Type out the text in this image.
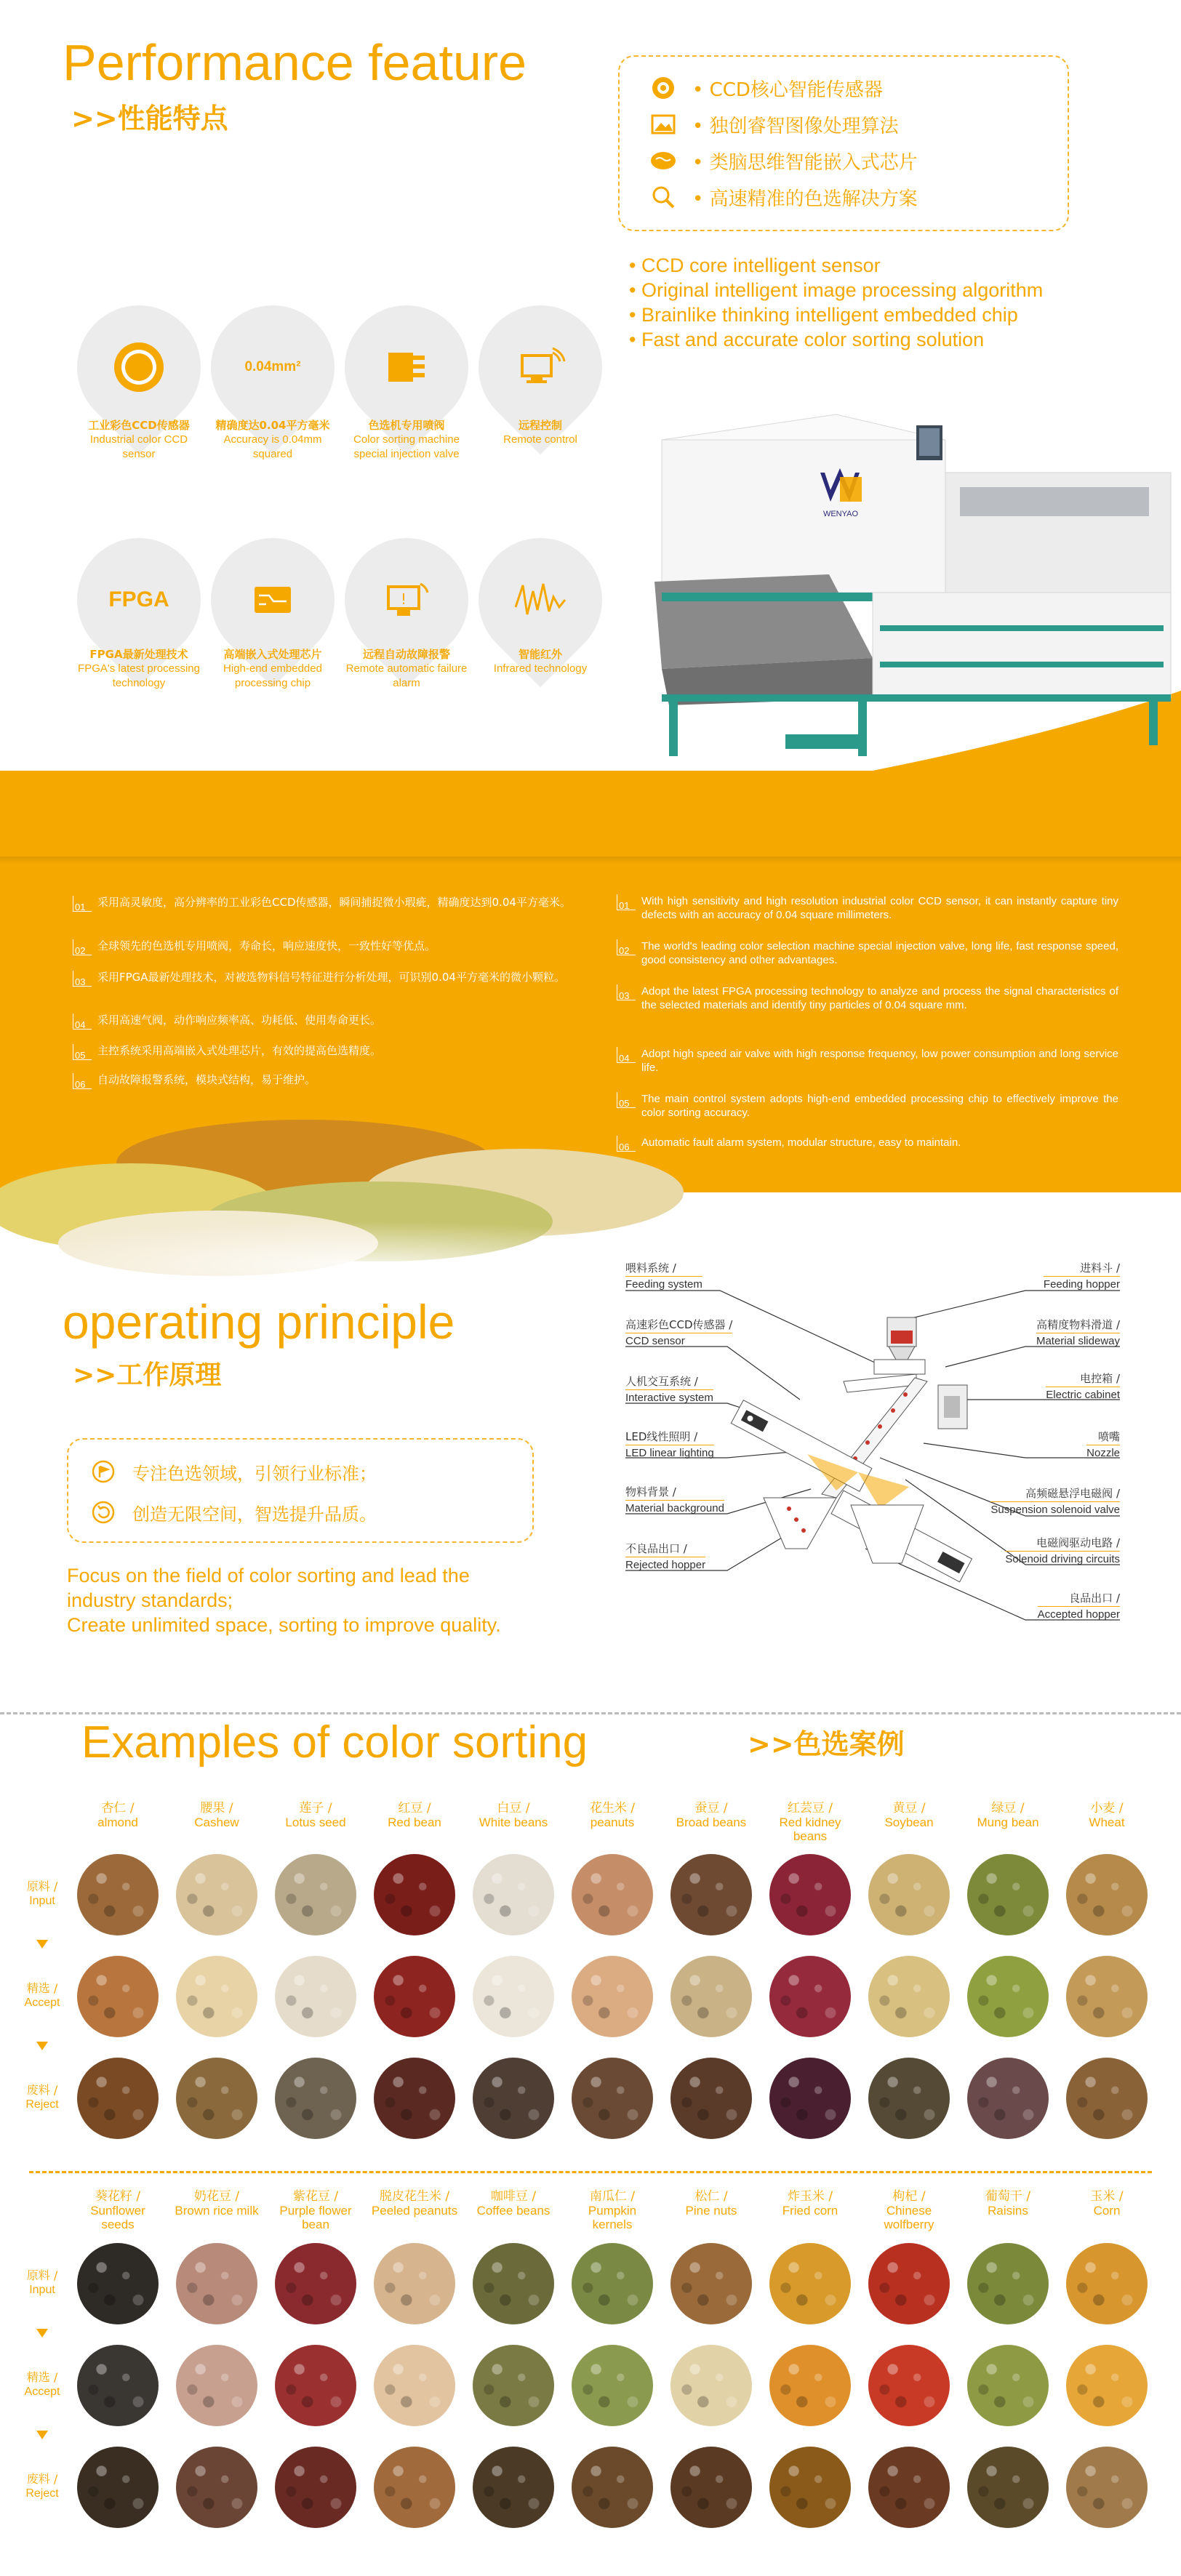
Performance feature
>>性能特点
• CCD核心智能传感器
• 独创睿智图像处理算法
• 类脑思维智能嵌入式芯片
• 高速精准的色选解决方案
• CCD core intelligent sensor
• Original intelligent image processing algorithm
• Brainlike thinking intelligent embedded chip
• Fast and accurate color sorting solution
工业彩色CCD传感器
Industrial color CCD sensor
0.04mm²
精确度达0.04平方毫米
Accuracy is 0.04mm squared
色选机专用喷阀
Color sorting machine special injection valve
远程控制
Remote control
FPGA
FPGA最新处理技术
FPGA's latest processing technology
高端嵌入式处理芯片
High-end embedded processing chip
!
远程自动故障报警
Remote automatic failure alarm
智能红外
Infrared technology
WENYAO
01	采用高灵敏度，高分辨率的工业彩色CCD传感器，瞬间捕捉微小瑕疵，精确度达到0.04平方毫米。
02	全球领先的色选机专用喷阀，寿命长，响应速度快，一致性好等优点。
03	采用FPGA最新处理技术，对被选物料信号特征进行分析处理，可识别0.04平方毫米的微小颗粒。
04	采用高速气阀，动作响应频率高、功耗低、使用寿命更长。
05	主控系统采用高端嵌入式处理芯片，有效的提高色选精度。
06	自动故障报警系统，模块式结构，易于维护。
01	With high sensitivity and high resolution industrial color CCD sensor, it can instantly capture tiny defects with an accuracy of 0.04 square millimeters.
02	The world's leading color selection machine special injection valve, long life, fast response speed, good consistency and other advantages.
03	Adopt the latest FPGA processing technology to analyze and process the signal characteristics of the selected materials and identify tiny particles of 0.04 square mm.
04	Adopt high speed air valve with high response frequency, low power consumption and long service life.
05	The main control system adopts high-end embedded processing chip to effectively improve the color sorting accuracy.
06	Automatic fault alarm system, modular structure, easy to maintain.
operating principle
>>工作原理
专注色选领域，引领行业标准；
创造无限空间，智选提升品质。
Focus on the field of color sorting and lead the
industry standards;
Create unlimited space, sorting to improve quality.
喂料系统 /
Feeding system
高速彩色CCD传感器 /
CCD sensor
人机交互系统 /
Interactive system
LED线性照明 /
LED linear lighting
物料背景 /
Material background
不良品出口 /
Rejected hopper
进料斗 /
Feeding hopper
高精度物料滑道 /
Material slideway
电控箱 /
Electric cabinet
喷嘴
Nozzle
高频磁悬浮电磁阀 /
Suspension solenoid valve
电磁阀驱动电路 /
Solenoid driving circuits
良品出口 /
Accepted hopper
Examples of color sorting	>>色选案例
杏仁 /
almond
腰果 /
Cashew
莲子 /
Lotus seed
红豆 /
Red bean
白豆 /
White beans
花生米 /
peanuts
蚕豆 /
Broad beans
红芸豆 /
Red kidney beans
黄豆 /
Soybean
绿豆 /
Mung bean
小麦 /
Wheat
原料 /
Input
精选 /
Accept
废料 /
Reject
葵花籽 /
Sunflower seeds
奶花豆 /
Brown rice milk
紫花豆 /
Purple flower bean
脱皮花生米 /
Peeled peanuts
咖啡豆 /
Coffee beans
南瓜仁 /
Pumpkin kernels
松仁 /
Pine nuts
炸玉米 /
Fried corn
枸杞 /
Chinese wolfberry
葡萄干 /
Raisins
玉米 /
Corn
原料 /
Input
精选 /
Accept
废料 /
Reject
